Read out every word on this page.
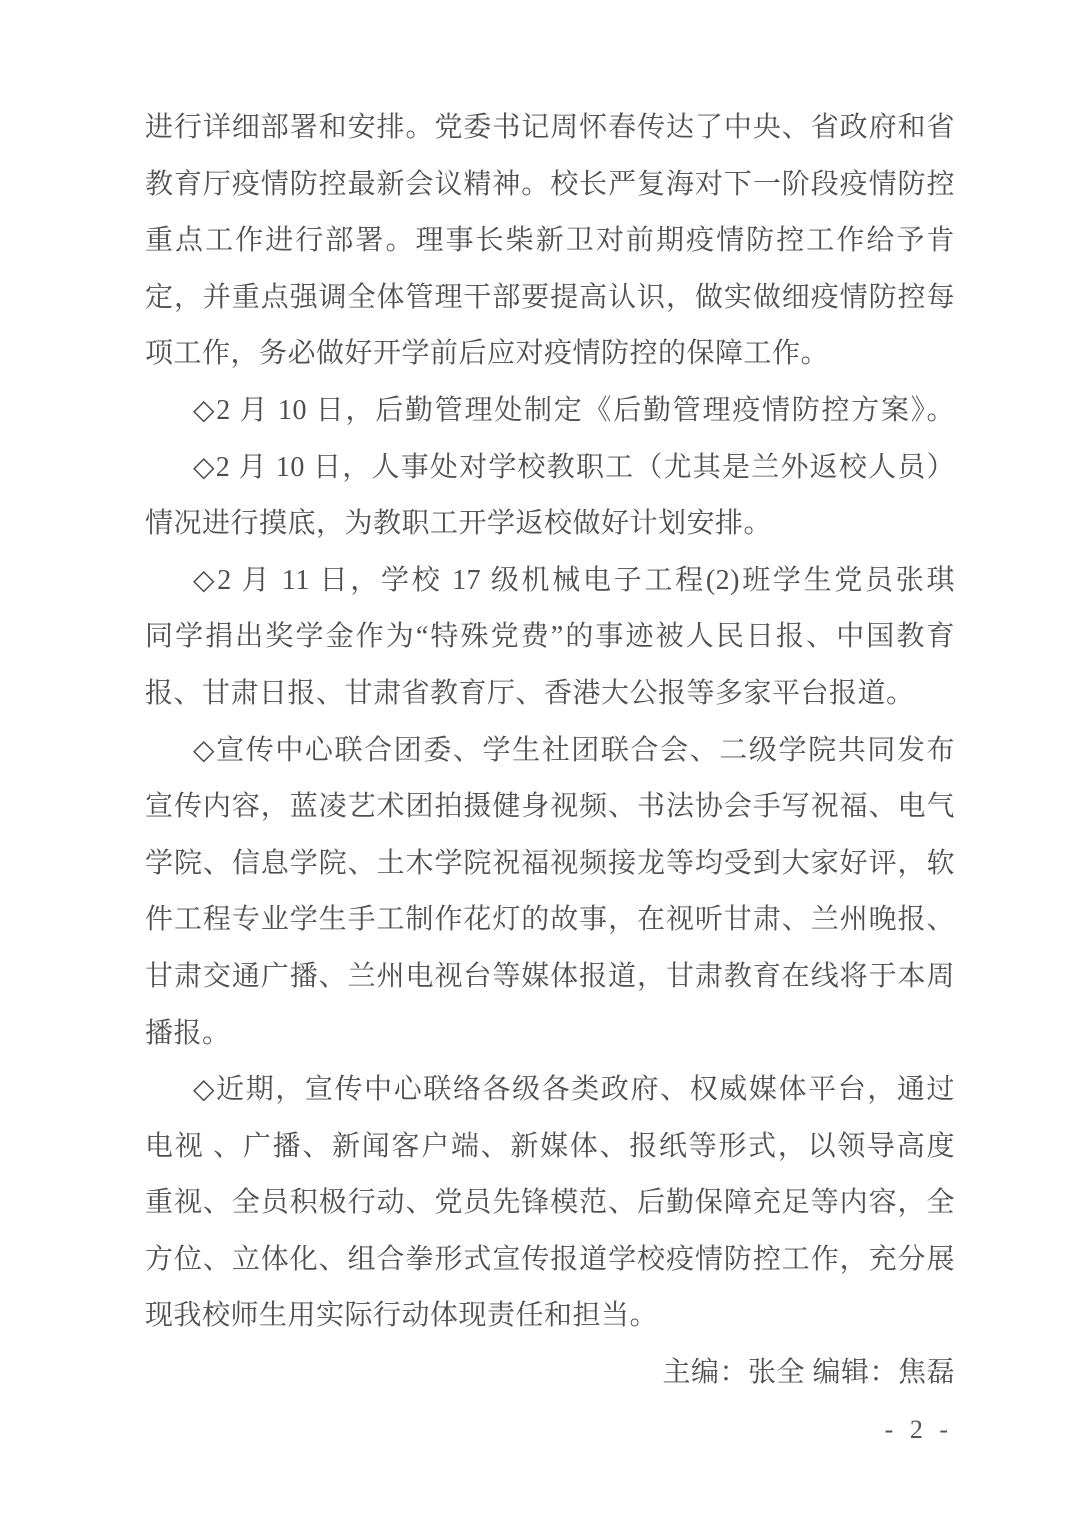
进行详细部署和安排。党委书记周怀春传达了中央、省政府和省
教育厅疫情防控最新会议精神。校长严复海对下一阶段疫情防控
重点工作进行部署。理事长柴新卫对前期疫情防控工作给予肯
定，并重点强调全体管理干部要提高认识，做实做细疫情防控每
项工作，务必做好开学前后应对疫情防控的保障工作。
◇2 月 10 日，后勤管理处制定《后勤管理疫情防控方案》。
◇2 月 10 日，人事处对学校教职工（尤其是兰外返校人员）
情况进行摸底，为教职工开学返校做好计划安排。
◇2 月 11 日，学校 17 级机械电子工程(2)班学生党员张琪
同学捐出奖学金作为“特殊党费”的事迹被人民日报、中国教育
报、甘肃日报、甘肃省教育厅、香港大公报等多家平台报道。
◇宣传中心联合团委、学生社团联合会、二级学院共同发布
宣传内容，蓝凌艺术团拍摄健身视频、书法协会手写祝福、电气
学院、信息学院、土木学院祝福视频接龙等均受到大家好评，软
件工程专业学生手工制作花灯的故事，在视听甘肃、兰州晚报、
甘肃交通广播、兰州电视台等媒体报道，甘肃教育在线将于本周
播报。
◇近期，宣传中心联络各级各类政府、权威媒体平台，通过
电视 、广播、新闻客户端、新媒体、报纸等形式，以领导高度
重视、全员积极行动、党员先锋模范、后勤保障充足等内容，全
方位、立体化、组合拳形式宣传报道学校疫情防控工作，充分展
现我校师生用实际行动体现责任和担当。
主编：张全 编辑：焦磊
- 2 -
